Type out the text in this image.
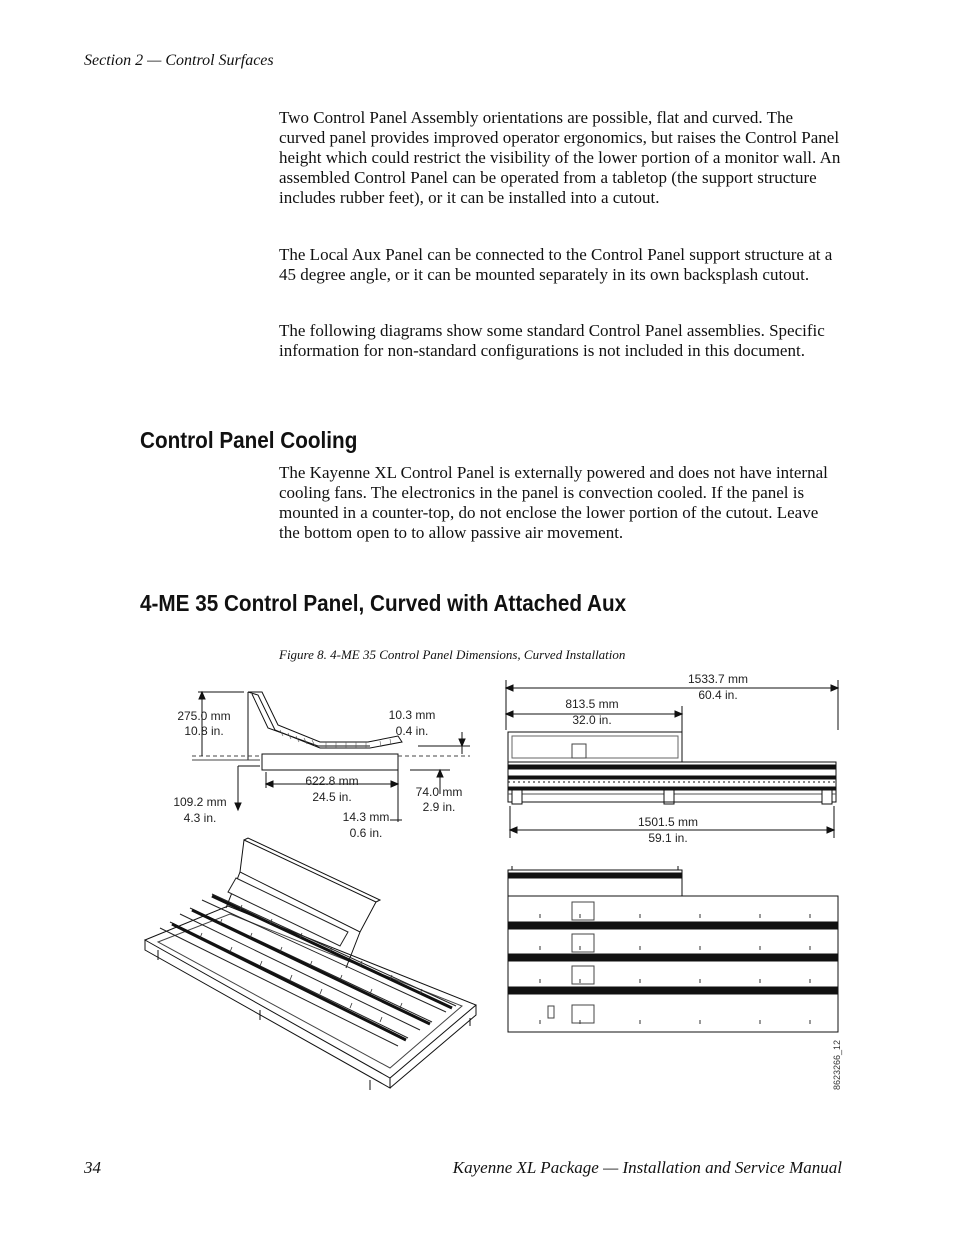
Section 2 — Control Surfaces

Two Control Panel Assembly orientations are possible, flat and curved. The curved panel provides improved operator ergonomics, but raises the Control Panel height which could restrict the visibility of the lower portion of a monitor wall. An assembled Control Panel can be operated from a tabletop (the support structure includes rubber feet), or it can be installed into a cutout.

The Local Aux Panel can be connected to the Control Panel support structure at a 45 degree angle, or it can be mounted separately in its own backsplash cutout.

The following diagrams show some standard Control Panel assemblies. Specific information for non-standard configurations is not included in this document.

Control Panel Cooling

The Kayenne XL Control Panel is externally powered and does not have internal cooling fans. The electronics in the panel is convection cooled. If the panel is mounted in a counter-top, do not enclose the lower portion of the cutout. Leave the bottom open to to allow passive air movement.

4-ME 35 Control Panel, Curved with Attached Aux
Figure 8. 4-ME 35 Control Panel Dimensions, Curved Installation
275.0 mm
10.8 in.
109.2 mm
4.3 in.
10.3 mm
0.4 in.
622.8 mm
24.5 in.	74.0 mm
2.9 in.
14.3 mm
0.6 in.
1533.7 mm
60.4 in.
813.5 mm
32.0 in.
1501.5 mm
59.1 in.
8623266_12
34	Kayenne XL Package — Installation and Service Manual
